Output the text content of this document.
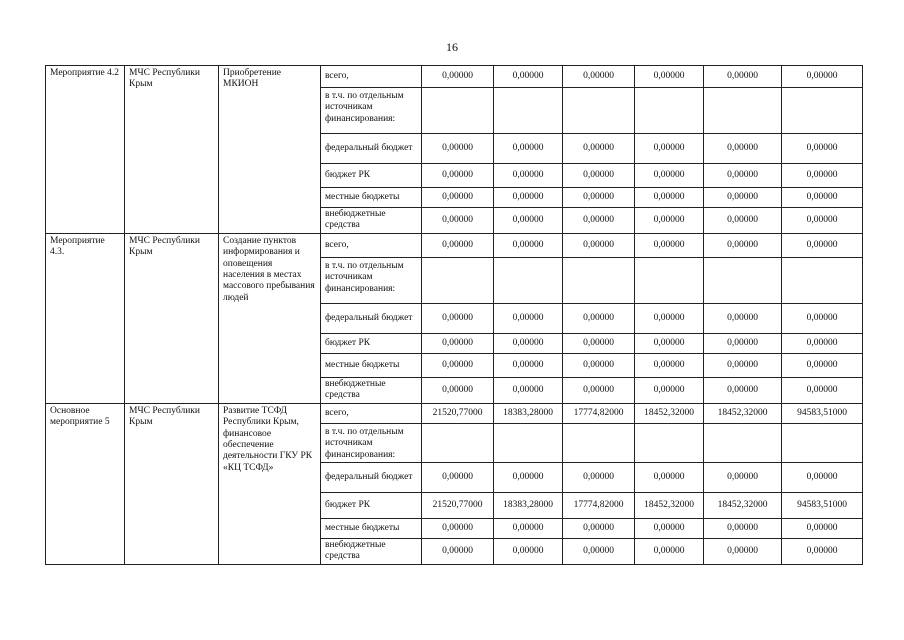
16
Мероприятие 4.2	МЧС Республики Крым	Приобретение МКИОН	всего,	0,00000	0,00000	0,00000	0,00000	0,00000	0,00000
			в т.ч. по отдельным источникам финансирования:						
			федеральный бюджет	0,00000	0,00000	0,00000	0,00000	0,00000	0,00000
			бюджет РК	0,00000	0,00000	0,00000	0,00000	0,00000	0,00000
			местные бюджеты	0,00000	0,00000	0,00000	0,00000	0,00000	0,00000
			внебюджетные средства	0,00000	0,00000	0,00000	0,00000	0,00000	0,00000
Мероприятие 4.3.	МЧС Республики Крым	Создание пунктов информирования и оповещения населения в местах массового пребывания людей	всего,	0,00000	0,00000	0,00000	0,00000	0,00000	0,00000
			в т.ч. по отдельным источникам финансирования:						
			федеральный бюджет	0,00000	0,00000	0,00000	0,00000	0,00000	0,00000
			бюджет РК	0,00000	0,00000	0,00000	0,00000	0,00000	0,00000
			местные бюджеты	0,00000	0,00000	0,00000	0,00000	0,00000	0,00000
			внебюджетные средства	0,00000	0,00000	0,00000	0,00000	0,00000	0,00000
Основное мероприятие 5	МЧС Республики Крым	Развитие ТСФД Республики Крым, финансовое обеспечение деятельности ГКУ РК «КЦ ТСФД»	всего,	21520,77000	18383,28000	17774,82000	18452,32000	18452,32000	94583,51000
			в т.ч. по отдельным источникам финансирования:						
			федеральный бюджет	0,00000	0,00000	0,00000	0,00000	0,00000	0,00000
			бюджет РК	21520,77000	18383,28000	17774,82000	18452,32000	18452,32000	94583,51000
			местные бюджеты	0,00000	0,00000	0,00000	0,00000	0,00000	0,00000
			внебюджетные средства	0,00000	0,00000	0,00000	0,00000	0,00000	0,00000
